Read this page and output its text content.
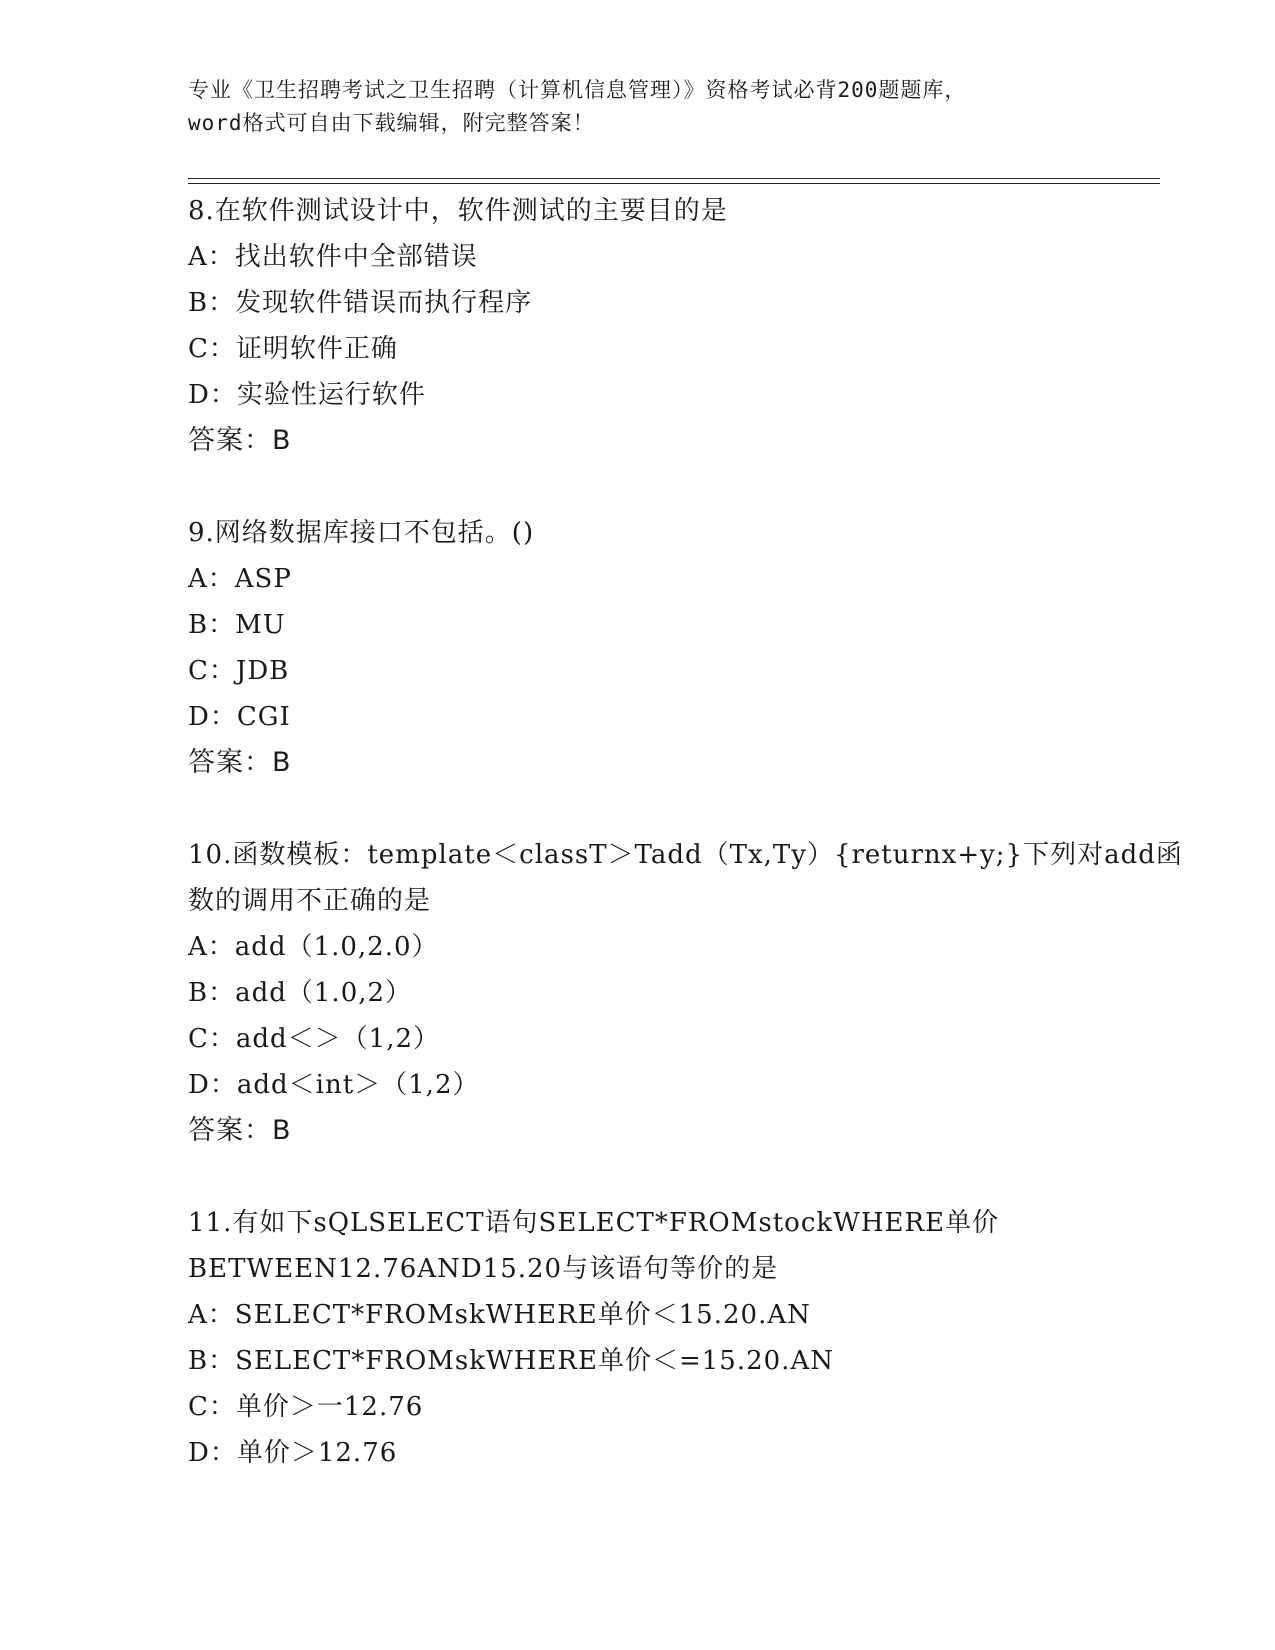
专业《卫生招聘考试之卫生招聘（计算机信息管理）》资格考试必背200题题库，
word格式可自由下载编辑，附完整答案！
8.在软件测试设计中，软件测试的主要目的是
A：找出软件中全部错误
B：发现软件错误而执行程序
C：证明软件正确
D：实验性运行软件
答案：B
9.网络数据库接口不包括。()
A：ASP
B：MU
C：JDB
D：CGI
答案：B
10.函数模板：template＜classT＞Tadd（Tx,Ty）{returnx+y;}下列对add函数的调用不正确的是
A：add（1.0,2.0）
B：add（1.0,2）
C：add＜＞（1,2）
D：add＜int＞（1,2）
答案：B
11.有如下sQLSELECT语句SELECT*FROMstockWHERE单价BETWEEN12.76AND15.20与该语句等价的是
A：SELECT*FROMskWHERE单价＜15.20.AN
B：SELECT*FROMskWHERE单价＜=15.20.AN
C：单价＞一12.76
D：单价＞12.76
